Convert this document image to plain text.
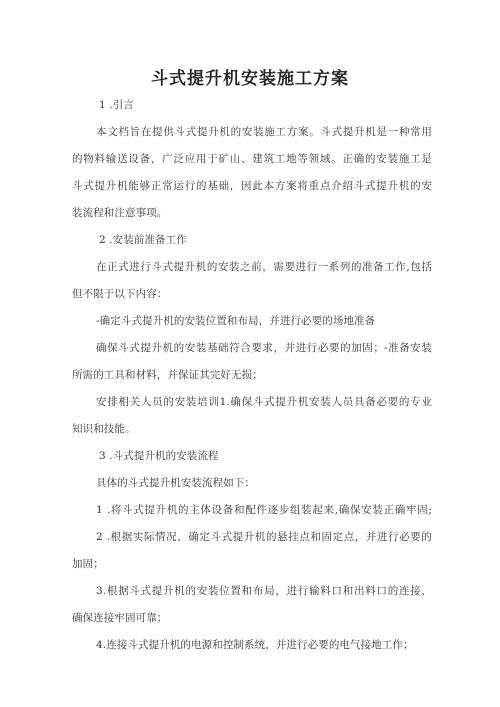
斗式提升机安装施工方案
1 .引言
本文档旨在提供斗式提升机的安装施工方案。斗式提升机是一种常用
的物料输送设备，广泛应用于矿山、建筑工地等领域。正确的安装施工是
斗式提升机能够正常运行的基础，因此本方案将重点介绍斗式提升机的安
装流程和注意事项。
2 .安装前准备工作
在正式进行斗式提升机的安装之前，需要进行一系列的准备工作,包括
但不限于以下内容：
-确定斗式提升机的安装位置和布局，并进行必要的场地准备
确保斗式提升机的安装基础符合要求，并进行必要的加固；-准备安装
所需的工具和材料，并保证其完好无损；
安排相关人员的安装培训1.确保斗式提升机安装人员具备必要的专业
知识和技能。
3 .斗式提升机的安装流程
具体的斗式提升机安装流程如下：
1 .将斗式提升机的主体设备和配件逐步组装起来,确保安装正确牢固;
2 .根据实际情况，确定斗式提升机的悬挂点和固定点，并进行必要的
加固；
3.根据斗式提升机的安装位置和布局，进行输料口和出料口的连接，
确保连接牢固可靠；
4.连接斗式提升机的电源和控制系统，并进行必要的电气接地工作；
